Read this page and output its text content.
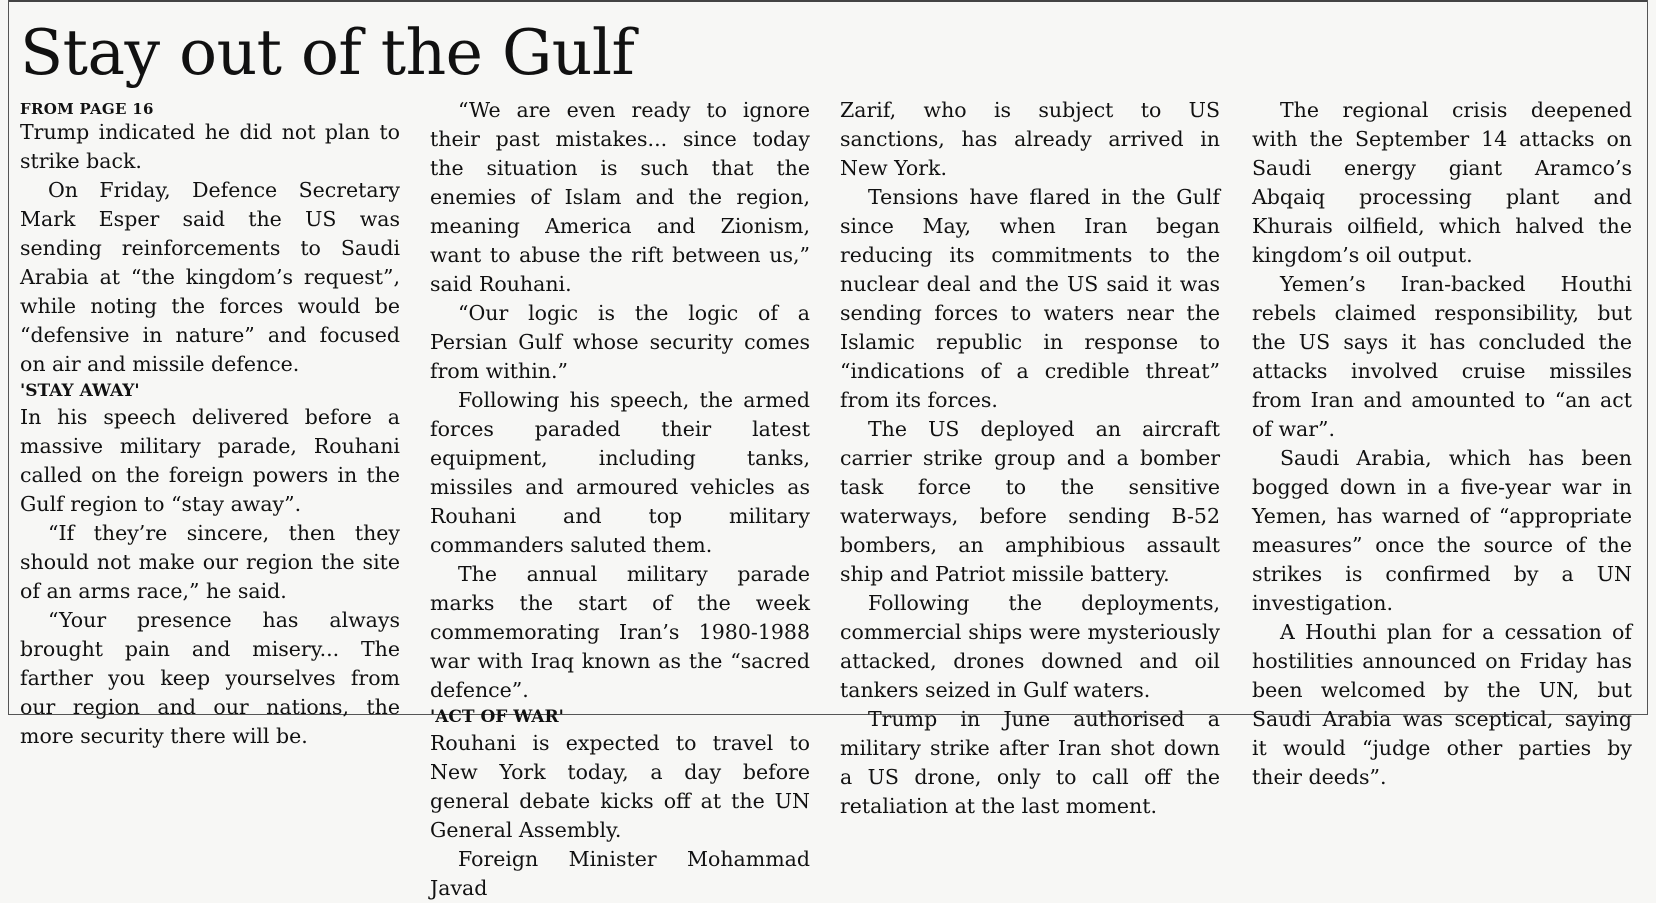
Stay out of the Gulf
FROM PAGE 16

Trump indicated he did not plan to strike back.

On Friday, Defence Secretary Mark Esper said the US was sending reinforcements to Saudi Arabia at “the kingdom’s request”, while noting the forces would be “defensive in nature” and focused on air and missile defence.

'STAY AWAY'

In his speech delivered before a massive military parade, Rouhani called on the foreign powers in the Gulf region to “stay away”.

“If they’re sincere, then they should not make our region the site of an arms race,” he said.

“Your presence has always brought pain and misery... The farther you keep yourselves from our region and our nations, the more security there will be.

“We are even ready to ignore their past mistakes... since today the situation is such that the enemies of Islam and the region, meaning America and Zionism, want to abuse the rift between us,” said Rouhani.

“Our logic is the logic of a Persian Gulf whose security comes from within.”

Following his speech, the armed forces paraded their latest equipment, including tanks, missiles and armoured vehicles as Rouhani and top military commanders saluted them.

The annual military parade marks the start of the week commemorating Iran’s 1980-1988 war with Iraq known as the “sacred defence”.

'ACT OF WAR'

Rouhani is expected to travel to New York today, a day before general debate kicks off at the UN General Assembly.

Foreign Minister Mohammad Javad

Zarif, who is subject to US sanctions, has already arrived in New York.

Tensions have flared in the Gulf since May, when Iran began reducing its commitments to the nuclear deal and the US said it was sending forces to waters near the Islamic republic in response to “indications of a credible threat” from its forces.

The US deployed an aircraft carrier strike group and a bomber task force to the sensitive waterways, before sending B-52 bombers, an amphibious assault ship and Patriot missile battery.

Following the deployments, commercial ships were mysteriously attacked, drones downed and oil tankers seized in Gulf waters.

Trump in June authorised a military strike after Iran shot down a US drone, only to call off the retaliation at the last moment.

The regional crisis deepened with the September 14 attacks on Saudi energy giant Aramco’s Abqaiq processing plant and Khurais oilfield, which halved the kingdom’s oil output.

Yemen’s Iran-backed Houthi rebels claimed responsibility, but the US says it has concluded the attacks involved cruise missiles from Iran and amounted to “an act of war”.

Saudi Arabia, which has been bogged down in a five-year war in Yemen, has warned of “appropriate measures” once the source of the strikes is confirmed by a UN investigation.

A Houthi plan for a cessation of hostilities announced on Friday has been welcomed by the UN, but Saudi Arabia was sceptical, saying it would “judge other parties by their deeds”.
